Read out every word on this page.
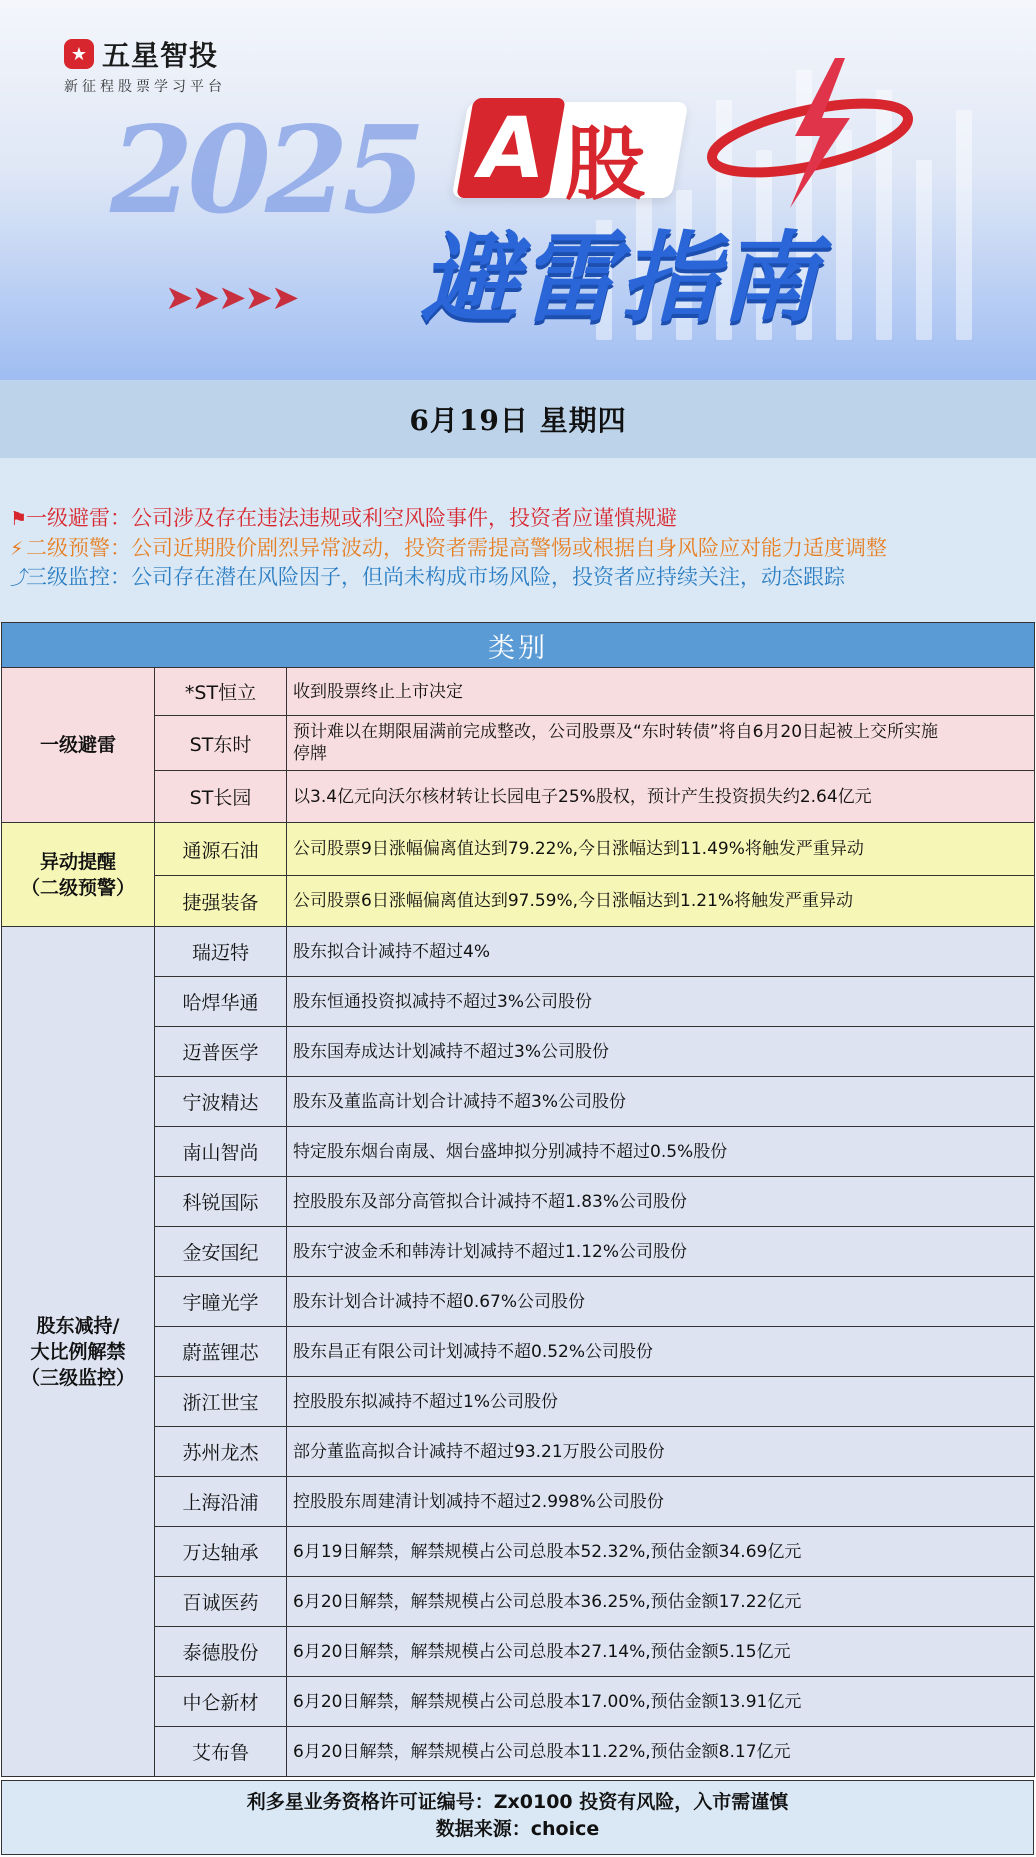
★ 五星智投
新征程股票学习平台
2025
➤➤➤➤➤
A 股
避雷指南
6月19日 星期四
⚑一级避雷：公司涉及存在违法违规或利空风险事件，投资者应谨慎规避
⚡ 二级预警：公司近期股价剧烈异常波动，投资者需提高警惕或根据自身风险应对能力适度调整
⤴三级监控：公司存在潜在风险因子，但尚未构成市场风险，投资者应持续关注，动态跟踪
类别		
一级避雷	*ST恒立	收到股票终止上市决定
	ST东时	预计难以在期限届满前完成整改，公司股票及“东时转债”将自6月20日起被上交所实施停牌
	ST长园	以3.4亿元向沃尔核材转让长园电子25%股权，预计产生投资损失约2.64亿元
异动提醒
（二级预警）	通源石油	公司股票9日涨幅偏离值达到79.22%,今日涨幅达到11.49%将触发严重异动
	捷强装备	公司股票6日涨幅偏离值达到97.59%,今日涨幅达到1.21%将触发严重异动
股东减持/
大比例解禁
（三级监控）	瑞迈特	股东拟合计减持不超过4%
	哈焊华通	股东恒通投资拟减持不超过3%公司股份
	迈普医学	股东国寿成达计划减持不超过3%公司股份
	宁波精达	股东及董监高计划合计减持不超3%公司股份
	南山智尚	特定股东烟台南晟、烟台盛坤拟分别减持不超过0.5%股份
	科锐国际	控股股东及部分高管拟合计减持不超1.83%公司股份
	金安国纪	股东宁波金禾和韩涛计划减持不超过1.12%公司股份
	宇瞳光学	股东计划合计减持不超0.67%公司股份
	蔚蓝锂芯	股东昌正有限公司计划减持不超0.52%公司股份
	浙江世宝	控股股东拟减持不超过1%公司股份
	苏州龙杰	部分董监高拟合计减持不超过93.21万股公司股份
	上海沿浦	控股股东周建清计划减持不超过2.998%公司股份
	万达轴承	6月19日解禁，解禁规模占公司总股本52.32%,预估金额34.69亿元
	百诚医药	6月20日解禁，解禁规模占公司总股本36.25%,预估金额17.22亿元
	泰德股份	6月20日解禁，解禁规模占公司总股本27.14%,预估金额5.15亿元
	中仑新材	6月20日解禁，解禁规模占公司总股本17.00%,预估金额13.91亿元
	艾布鲁	6月20日解禁，解禁规模占公司总股本11.22%,预估金额8.17亿元
利多星业务资格许可证编号：Zx0100 投资有风险，入市需谨慎
数据来源：choice
